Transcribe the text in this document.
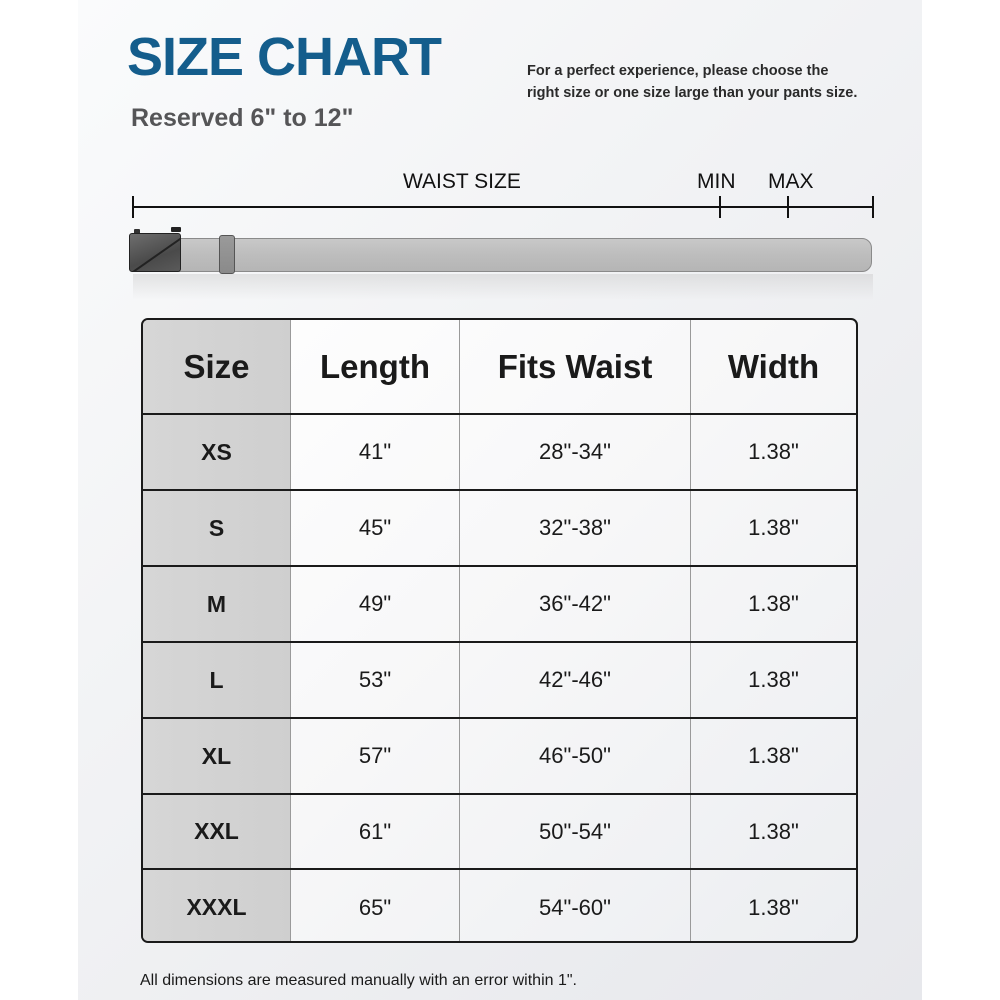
SIZE CHART
Reserved 6" to 12"
For a perfect experience, please choose the
right size or one size large than your pants size.
WAIST SIZE	MIN MAX
Size	Length	Fits Waist	Width
XS	41"	28"-34"	1.38"
S	45"	32"-38"	1.38"
M	49"	36"-42"	1.38"
L	53"	42"-46"	1.38"
XL	57"	46"-50"	1.38"
XXL	61"	50"-54"	1.38"
XXXL	65"	54"-60"	1.38"
All dimensions are measured manually with an error within 1".
